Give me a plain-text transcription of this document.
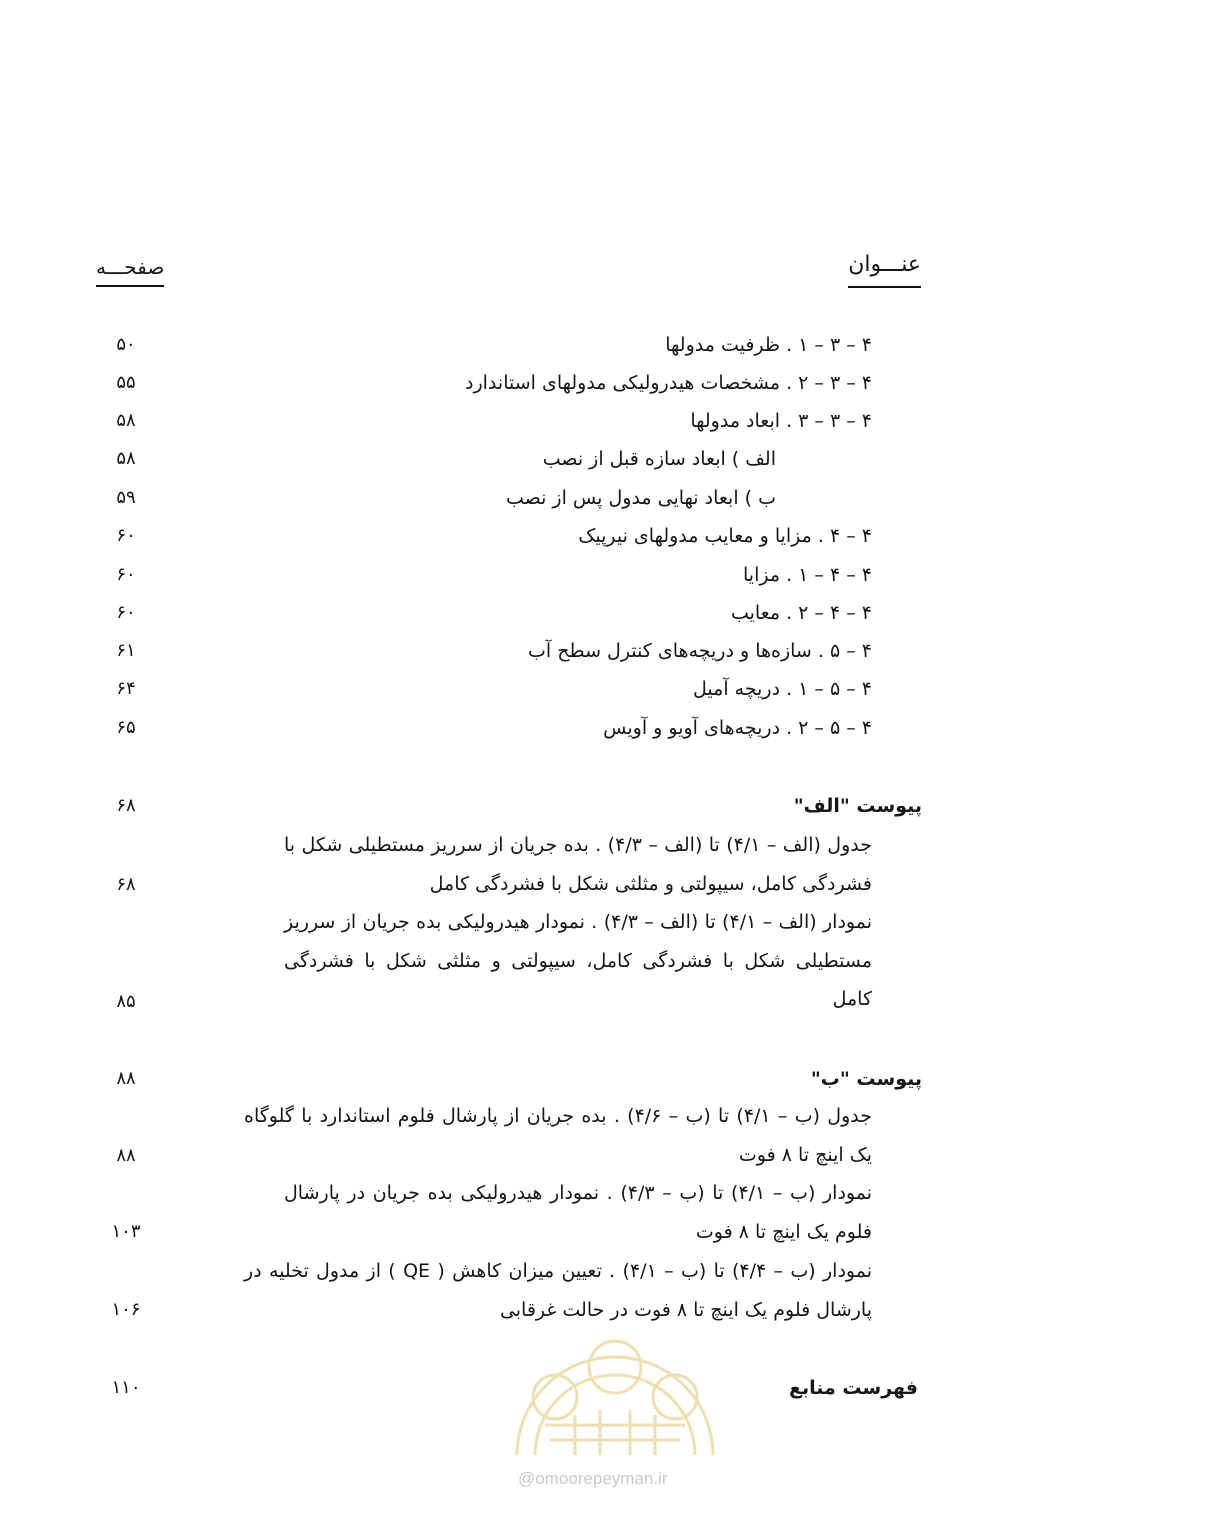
عنـــوان
صفحـــه
۴ – ۳ – ۱ . ظرفیت مدولها
۵۰
۴ – ۳ – ۲ . مشخصات هیدرولیکی مدولهای استاندارد
۵۵
۴ – ۳ – ۳ . ابعاد مدولها
۵۸
الف ) ابعاد سازه قبل از نصب
۵۸
ب ) ابعاد نهایی مدول پس از نصب
۵۹
۴ – ۴ . مزایا و معایب مدولهای نیرپیک
۶۰
۴ – ۴ – ۱ . مزایا
۶۰
۴ – ۴ – ۲ . معایب
۶۰
۴ – ۵ . سازه‌ها و دریچه‌های کنترل سطح آب
۶۱
۴ – ۵ – ۱ . دریچه آمیل
۶۴
۴ – ۵ – ۲ . دریچه‌های آویو و آویس
۶۵
پیوست "الف"
۶۸
جدول (الف – ۴/۱) تا (الف – ۴/۳) . بده جریان از سرریز مستطیلی شکل با فشردگی کامل، سیپولتی و مثلثی شکل با فشردگی کامل
۶۸
نمودار (الف – ۴/۱) تا (الف – ۴/۳) . نمودار هیدرولیکی بده جریان از سرریز مستطیلی شکل با فشردگی کامل، سیپولتی و مثلثی شکل با فشردگی کامل
۸۵
پیوست "ب"
۸۸
جدول (ب – ۴/۱) تا (ب – ۴/۶) . بده جریان از پارشال فلوم استاندارد با گلوگاه یک اینچ تا ۸ فوت
۸۸
نمودار (ب – ۴/۱) تا (ب – ۴/۳) . نمودار هیدرولیکی بده جریان در پارشال فلوم یک اینچ تا ۸ فوت
۱۰۳
نمودار (ب – ۴/۴) تا (ب – ۴/۱) . تعیین میزان کاهش ( QE ) از مدول تخلیه در پارشال فلوم یک اینچ تا ۸ فوت در حالت غرقابی
۱۰۶
فهرست منابع
۱۱۰
@omoorepeyman.ir
